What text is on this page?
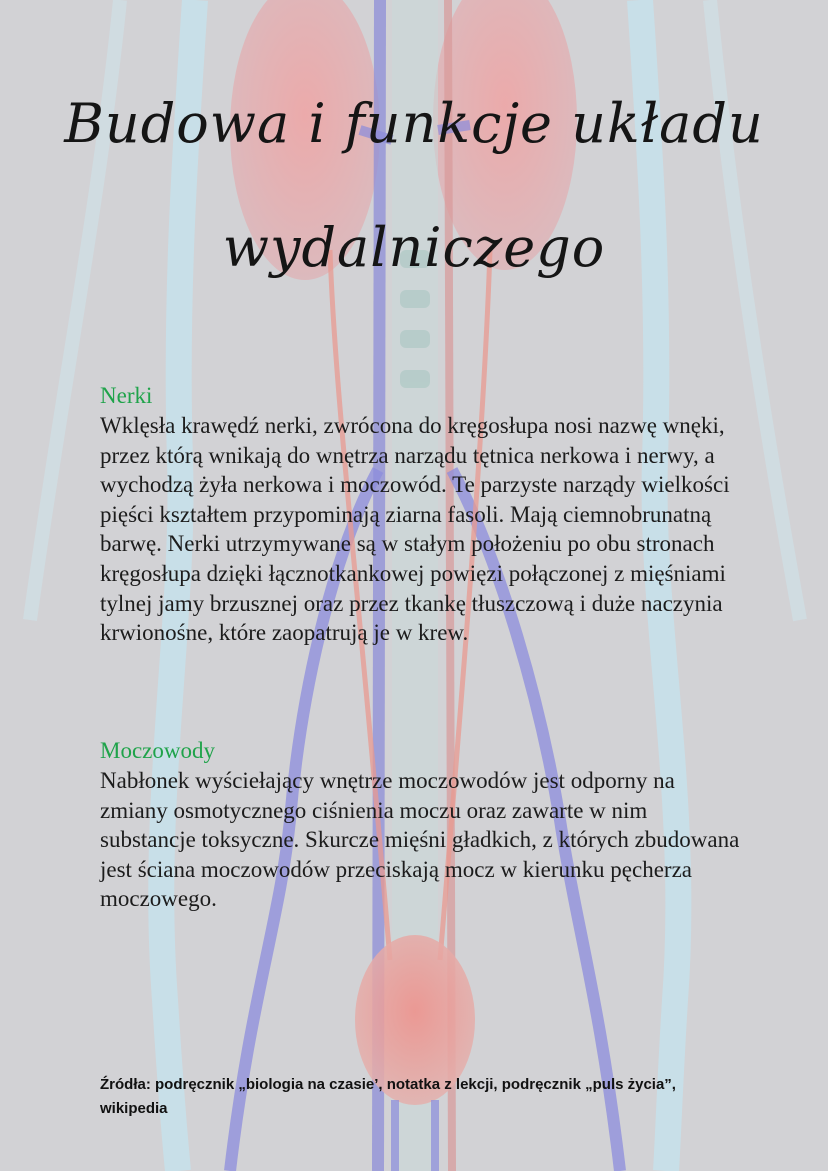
Budowa i funkcje układu
wydalniczego
Nerki

Wklęsła krawędź nerki, zwrócona do kręgosłupa nosi nazwę wnęki, przez którą wnikają do wnętrza narządu tętnica nerkowa i nerwy, a wychodzą żyła nerkowa i moczowód. Te parzyste narządy wielkości pięści kształtem przypominają ziarna fasoli. Mają ciemnobrunatną barwę. Nerki utrzymywane są w stałym położeniu po obu stronach kręgosłupa dzięki łącznotkankowej powięzi połączonej z mięśniami tylnej jamy brzusznej oraz przez tkankę tłuszczową i duże naczynia krwionośne, które zaopatrują je w krew.

Moczowody

Nabłonek wyściełający wnętrze moczowodów jest odporny na zmiany osmotycznego ciśnienia moczu oraz zawarte w nim substancje toksyczne. Skurcze mięśni gładkich, z których zbudowana jest ściana moczowodów przeciskają mocz w kierunku pęcherza moczowego.

Źródła: podręcznik „biologia na czasie’, notatka z lekcji, podręcznik „puls życia”, wikipedia
